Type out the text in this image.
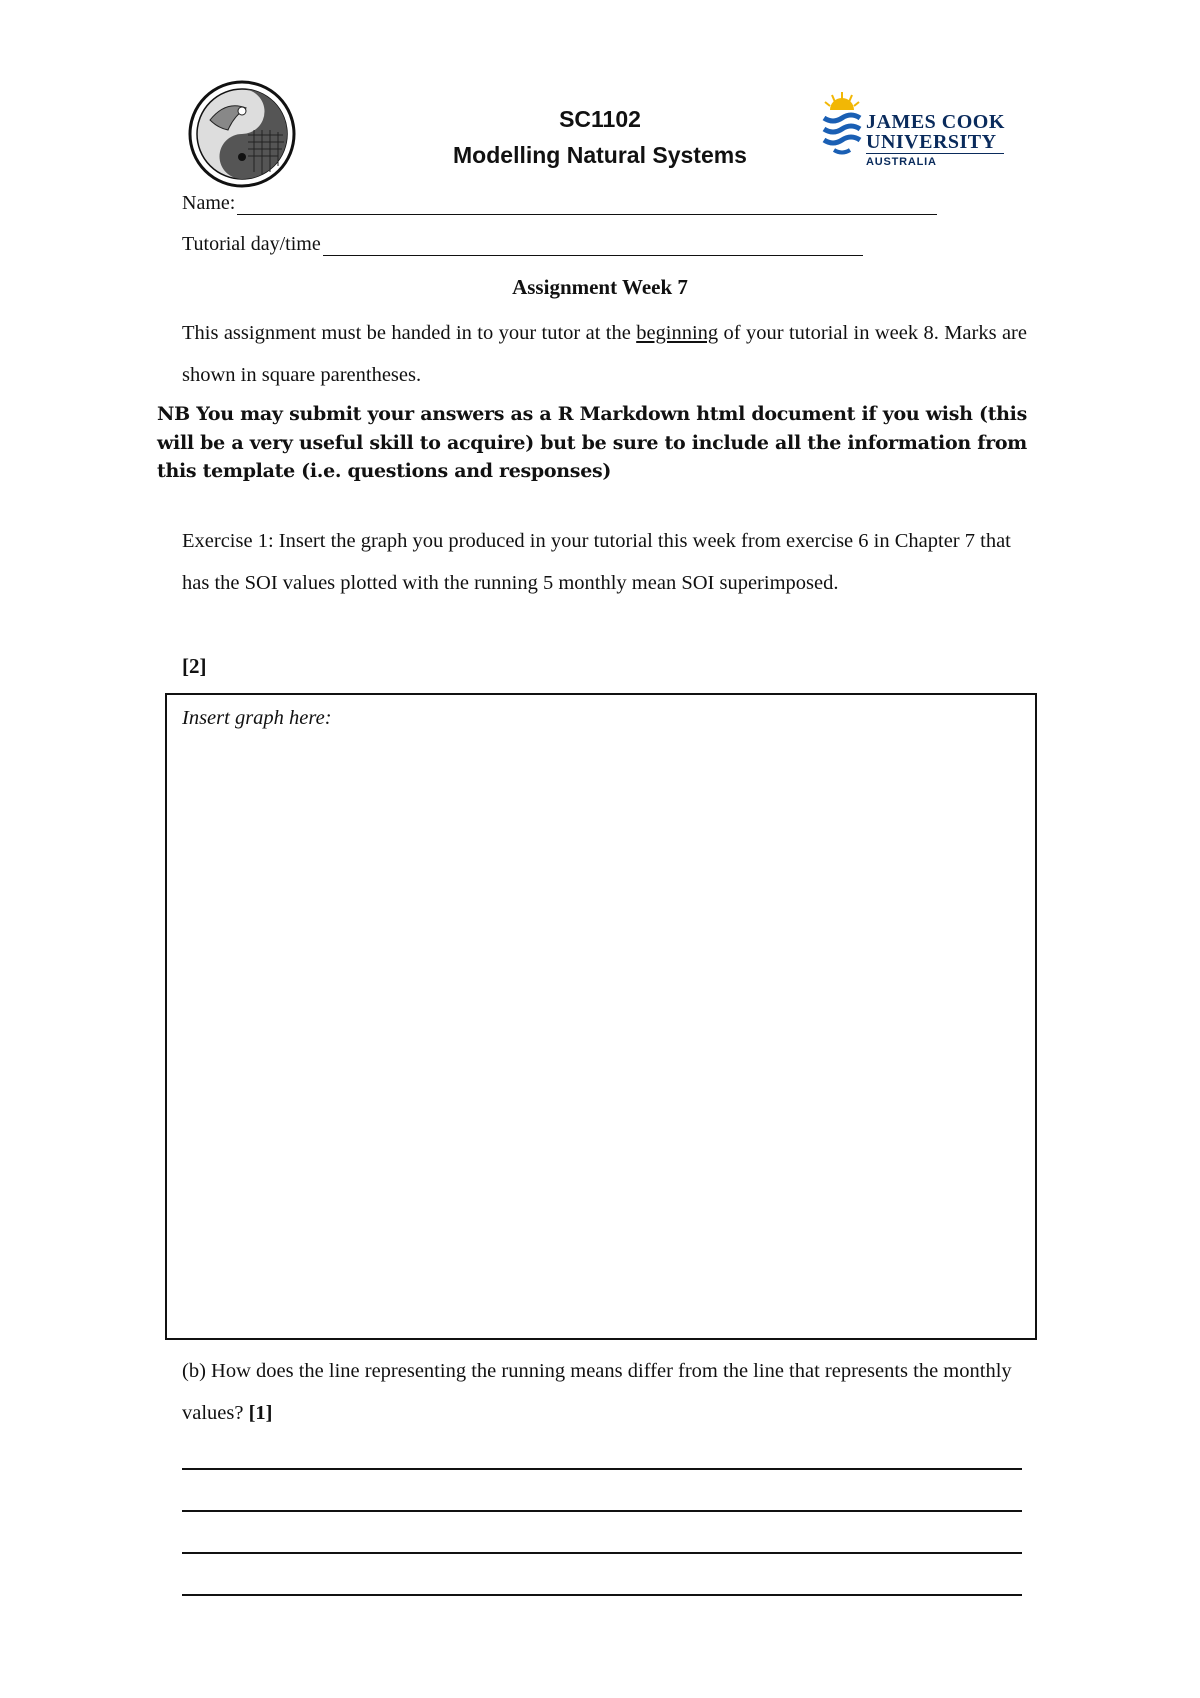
SC1102
Modelling Natural Systems
JAMES COOK
UNIVERSITY
AUSTRALIA
Name:
Tutorial day/time
Assignment Week 7
This assignment must be handed in to your tutor at the beginning of your tutorial in week 8. Marks are shown in square parentheses.
NB You may submit your answers as a R Markdown html document if you wish (this will be a very useful skill to acquire) but be sure to include all the information from this template (i.e. questions and responses)
Exercise 1: Insert the graph you produced in your tutorial this week from exercise 6 in Chapter 7 that has the SOI values plotted with the running 5 monthly mean SOI superimposed.
[2]
Insert graph here:
(b) How does the line representing the running means differ from the line that represents the monthly values? [1]
